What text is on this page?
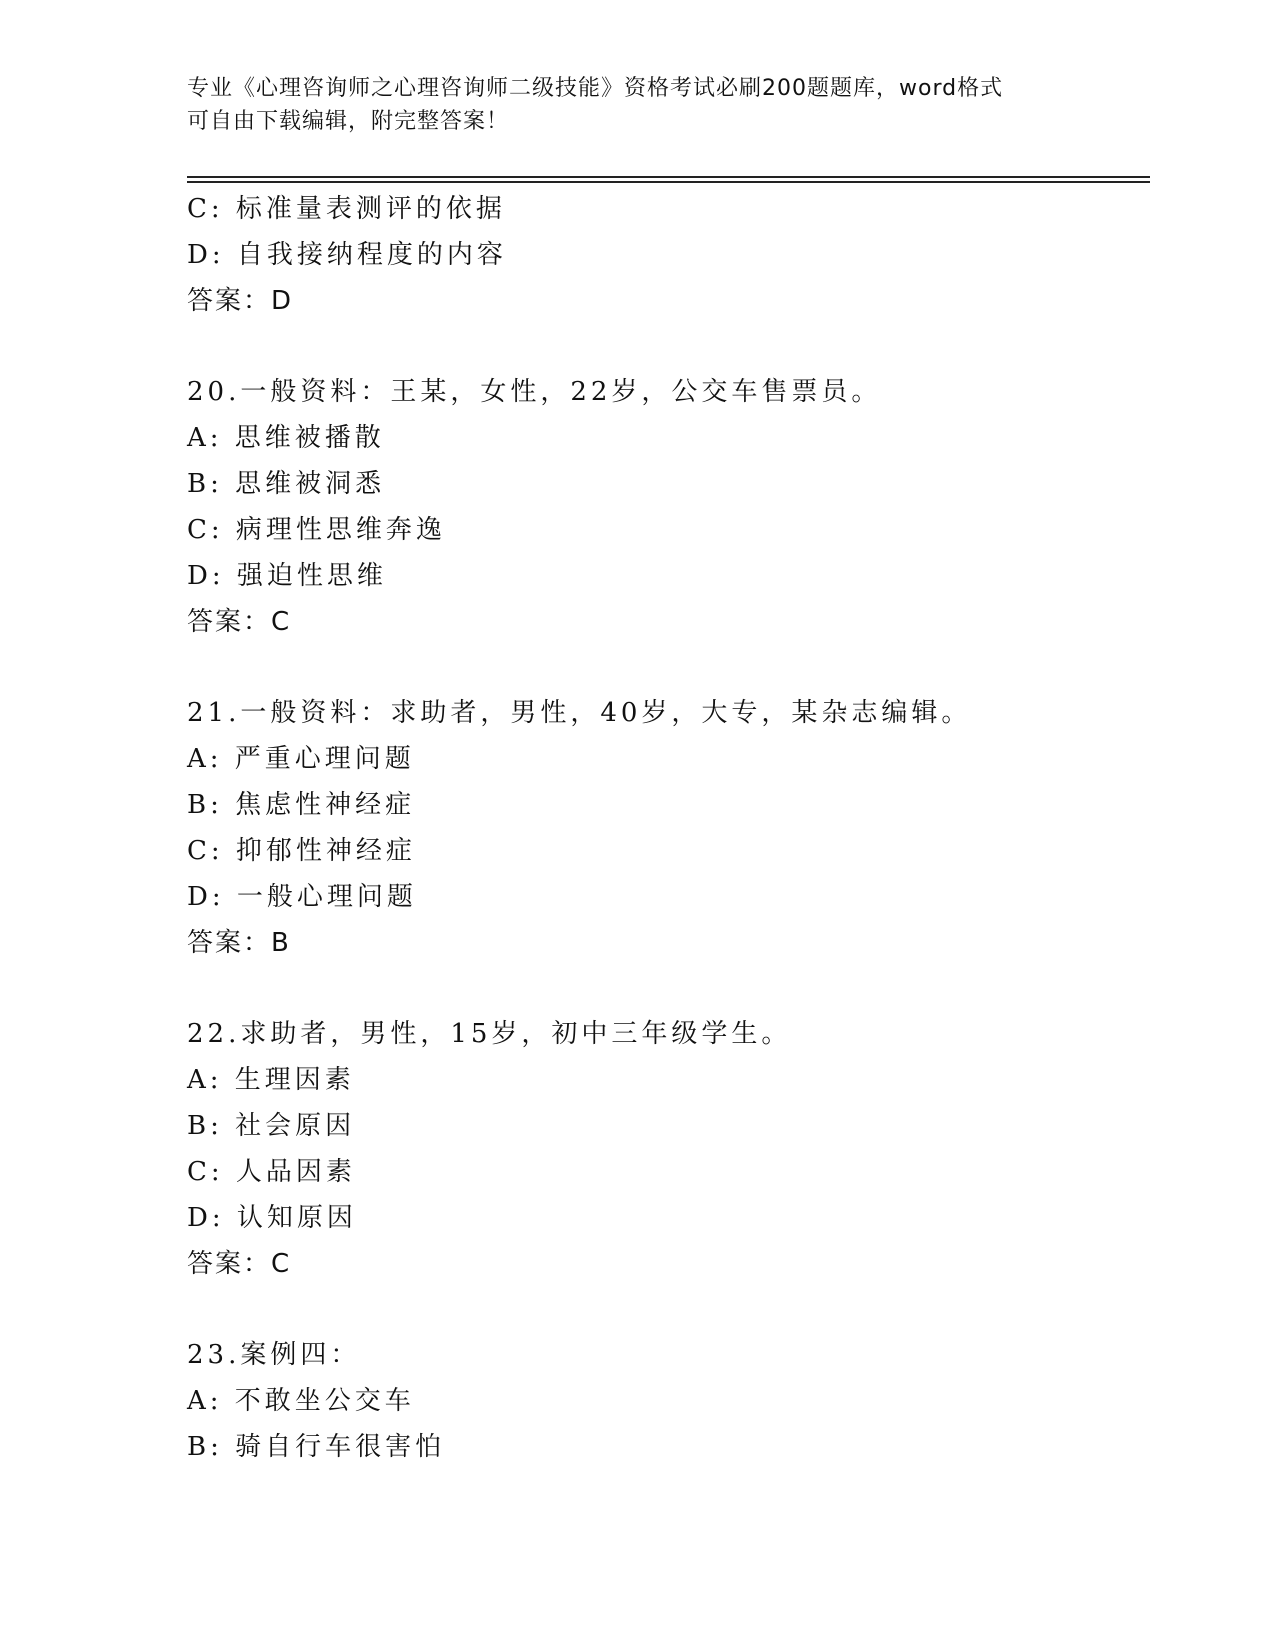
专业《心理咨询师之心理咨询师二级技能》资格考试必刷200题题库，word格式
可自由下载编辑，附完整答案！
C: 标准量表测评的依据
D: 自我接纳程度的内容
答案：D
20.一般资料：王某，女性，22岁，公交车售票员。
A: 思维被播散
B: 思维被洞悉
C: 病理性思维奔逸
D: 强迫性思维
答案：C
21.一般资料：求助者，男性，40岁，大专，某杂志编辑。
A: 严重心理问题
B: 焦虑性神经症
C: 抑郁性神经症
D: 一般心理问题
答案：B
22.求助者，男性，15岁，初中三年级学生。
A: 生理因素
B: 社会原因
C: 人品因素
D: 认知原因
答案：C
23.案例四：
A: 不敢坐公交车
B: 骑自行车很害怕
